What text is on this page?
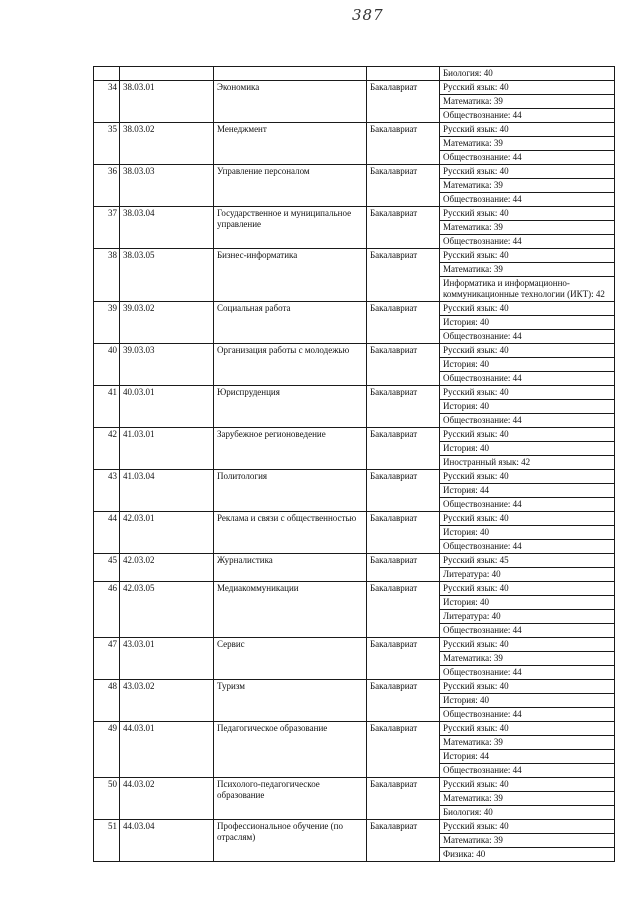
387
				Биология: 40
34	38.03.01	Экономика	Бакалавриат	Русский язык: 40
				Математика: 39
				Обществознание: 44
35	38.03.02	Менеджмент	Бакалавриат	Русский язык: 40
				Математика: 39
				Обществознание: 44
36	38.03.03	Управление персоналом	Бакалавриат	Русский язык: 40
				Математика: 39
				Обществознание: 44
37	38.03.04	Государственное и муниципальное управление	Бакалавриат	Русский язык: 40
				Математика: 39
				Обществознание: 44
38	38.03.05	Бизнес-информатика	Бакалавриат	Русский язык: 40
				Математика: 39
				Информатика и информационно-коммуникационные технологии (ИКТ): 42
39	39.03.02	Социальная работа	Бакалавриат	Русский язык: 40
				История: 40
				Обществознание: 44
40	39.03.03	Организация работы с молодежью	Бакалавриат	Русский язык: 40
				История: 40
				Обществознание: 44
41	40.03.01	Юриспруденция	Бакалавриат	Русский язык: 40
				История: 40
				Обществознание: 44
42	41.03.01	Зарубежное регионоведение	Бакалавриат	Русский язык: 40
				История: 40
				Иностранный язык: 42
43	41.03.04	Политология	Бакалавриат	Русский язык: 40
				История: 44
				Обществознание: 44
44	42.03.01	Реклама и связи с общественностью	Бакалавриат	Русский язык: 40
				История: 40
				Обществознание: 44
45	42.03.02	Журналистика	Бакалавриат	Русский язык: 45
				Литература: 40
46	42.03.05	Медиакоммуникации	Бакалавриат	Русский язык: 40
				История: 40
				Литература: 40
				Обществознание: 44
47	43.03.01	Сервис	Бакалавриат	Русский язык: 40
				Математика: 39
				Обществознание: 44
48	43.03.02	Туризм	Бакалавриат	Русский язык: 40
				История: 40
				Обществознание: 44
49	44.03.01	Педагогическое образование	Бакалавриат	Русский язык: 40
				Математика: 39
				История: 44
				Обществознание: 44
50	44.03.02	Психолого-педагогическое образование	Бакалавриат	Русский язык: 40
				Математика: 39
				Биология: 40
51	44.03.04	Профессиональное обучение (по отраслям)	Бакалавриат	Русский язык: 40
				Математика: 39
				Физика: 40
